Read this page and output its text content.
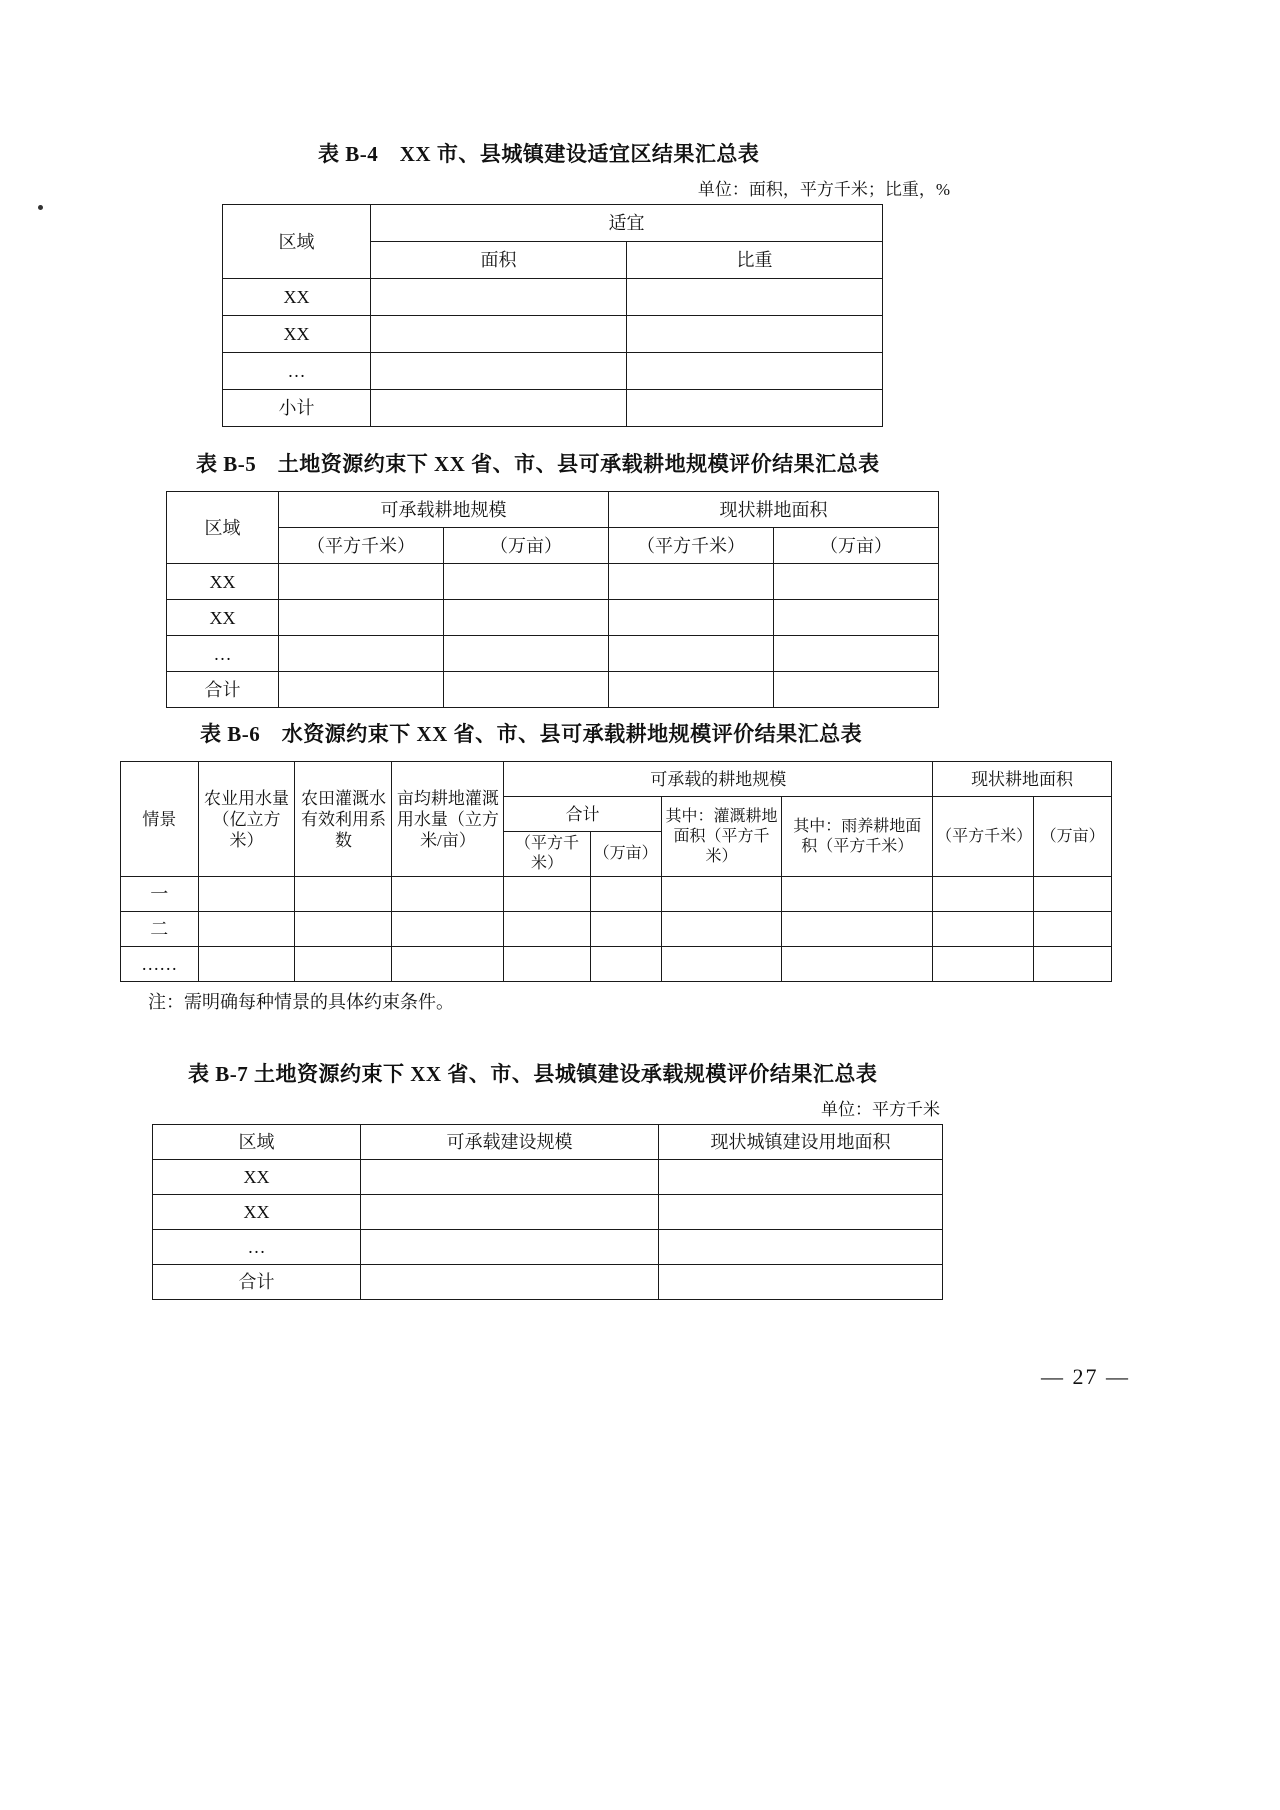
表 B-4　XX 市、县城镇建设适宜区结果汇总表
单位：面积，平方千米；比重，%
区域	适宜	
	面积	比重
XX		
XX		
…		
小计		
表 B-5　土地资源约束下 XX 省、市、县可承载耕地规模评价结果汇总表
区域	可承载耕地规模		现状耕地面积	
	（平方千米）	（万亩）	（平方千米）	（万亩）
XX				
XX				
…				
合计				
表 B-6　水资源约束下 XX 省、市、县可承载耕地规模评价结果汇总表
情景	农业用水量（亿立方米）	农田灌溉水有效利用系数	亩均耕地灌溉用水量（立方米/亩）	可承载的耕地规模				现状耕地面积	
				合计		其中：灌溉耕地面积（平方千米）	其中：雨养耕地面积（平方千米）	（平方千米）	（万亩）
				（平方千米）	（万亩）				
一									
二									
……									
注：需明确每种情景的具体约束条件。
表 B-7 土地资源约束下 XX 省、市、县城镇建设承载规模评价结果汇总表
单位：平方千米
区域	可承载建设规模	现状城镇建设用地面积
XX		
XX		
…		
合计		
— 27 —
